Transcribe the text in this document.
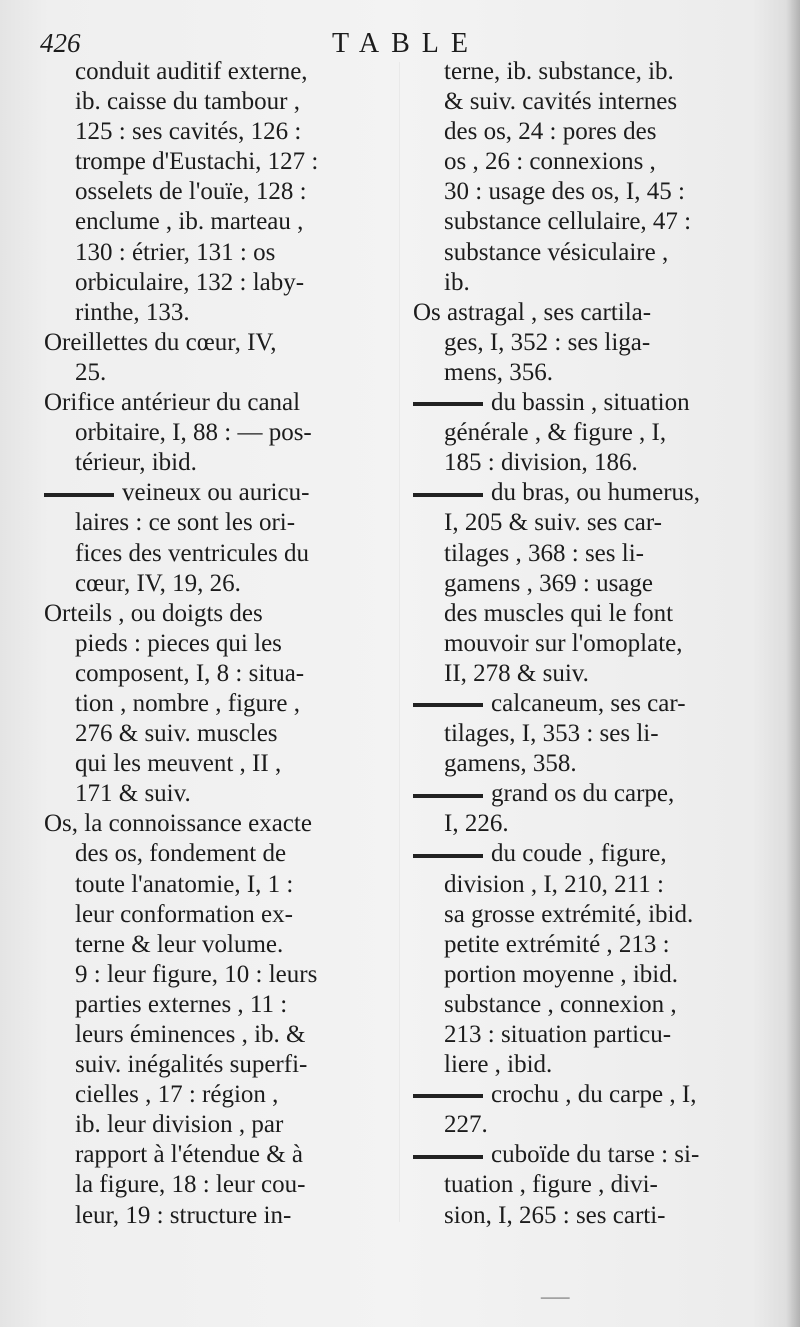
426	TABLE
conduit auditif externe,
ib. caisse du tambour ,
125 : ses cavités, 126 :
trompe d'Eustachi, 127 :
osselets de l'ouïe, 128 :
enclume , ib. marteau ,
130 : étrier, 131 : os
orbiculaire, 132 : laby-
rinthe, 133.
Oreillettes du cœur, IV,
25.
Orifice antérieur du canal
orbitaire, I, 88 : — pos-
térieur, ibid.
veineux ou auricu-
laires : ce sont les ori-
fices des ventricules du
cœur, IV, 19, 26.
Orteils , ou doigts des
pieds : pieces qui les
composent, I, 8 : situa-
tion , nombre , figure ,
276 & suiv. muscles
qui les meuvent , II ,
171 & suiv.
Os, la connoissance exacte
des os, fondement de
toute l'anatomie, I, 1 :
leur conformation ex-
terne & leur volume.
9 : leur figure, 10 : leurs
parties externes , 11 :
leurs éminences , ib. &
suiv. inégalités superfi-
cielles , 17 : région ,
ib. leur division , par
rapport à l'étendue & à
la figure, 18 : leur cou-
leur, 19 : structure in-
terne, ib. substance, ib.
& suiv. cavités internes
des os, 24 : pores des
os , 26 : connexions ,
30 : usage des os, I, 45 :
substance cellulaire, 47 :
substance vésiculaire ,
ib.
Os astragal , ses cartila-
ges, I, 352 : ses liga-
mens, 356.
du bassin , situation
générale , & figure , I,
185 : division, 186.
du bras, ou humerus,
I, 205 & suiv. ses car-
tilages , 368 : ses li-
gamens , 369 : usage
des muscles qui le font
mouvoir sur l'omoplate,
II, 278 & suiv.
calcaneum, ses car-
tilages, I, 353 : ses li-
gamens, 358.
grand os du carpe,
I, 226.
du coude , figure,
division , I, 210, 211 :
sa grosse extrémité, ibid.
petite extrémité , 213 :
portion moyenne , ibid.
substance , connexion ,
213 : situation particu-
liere , ibid.
crochu , du carpe , I,
227.
cuboïde du tarse : si-
tuation , figure , divi-
sion, I, 265 : ses carti-
⸺
